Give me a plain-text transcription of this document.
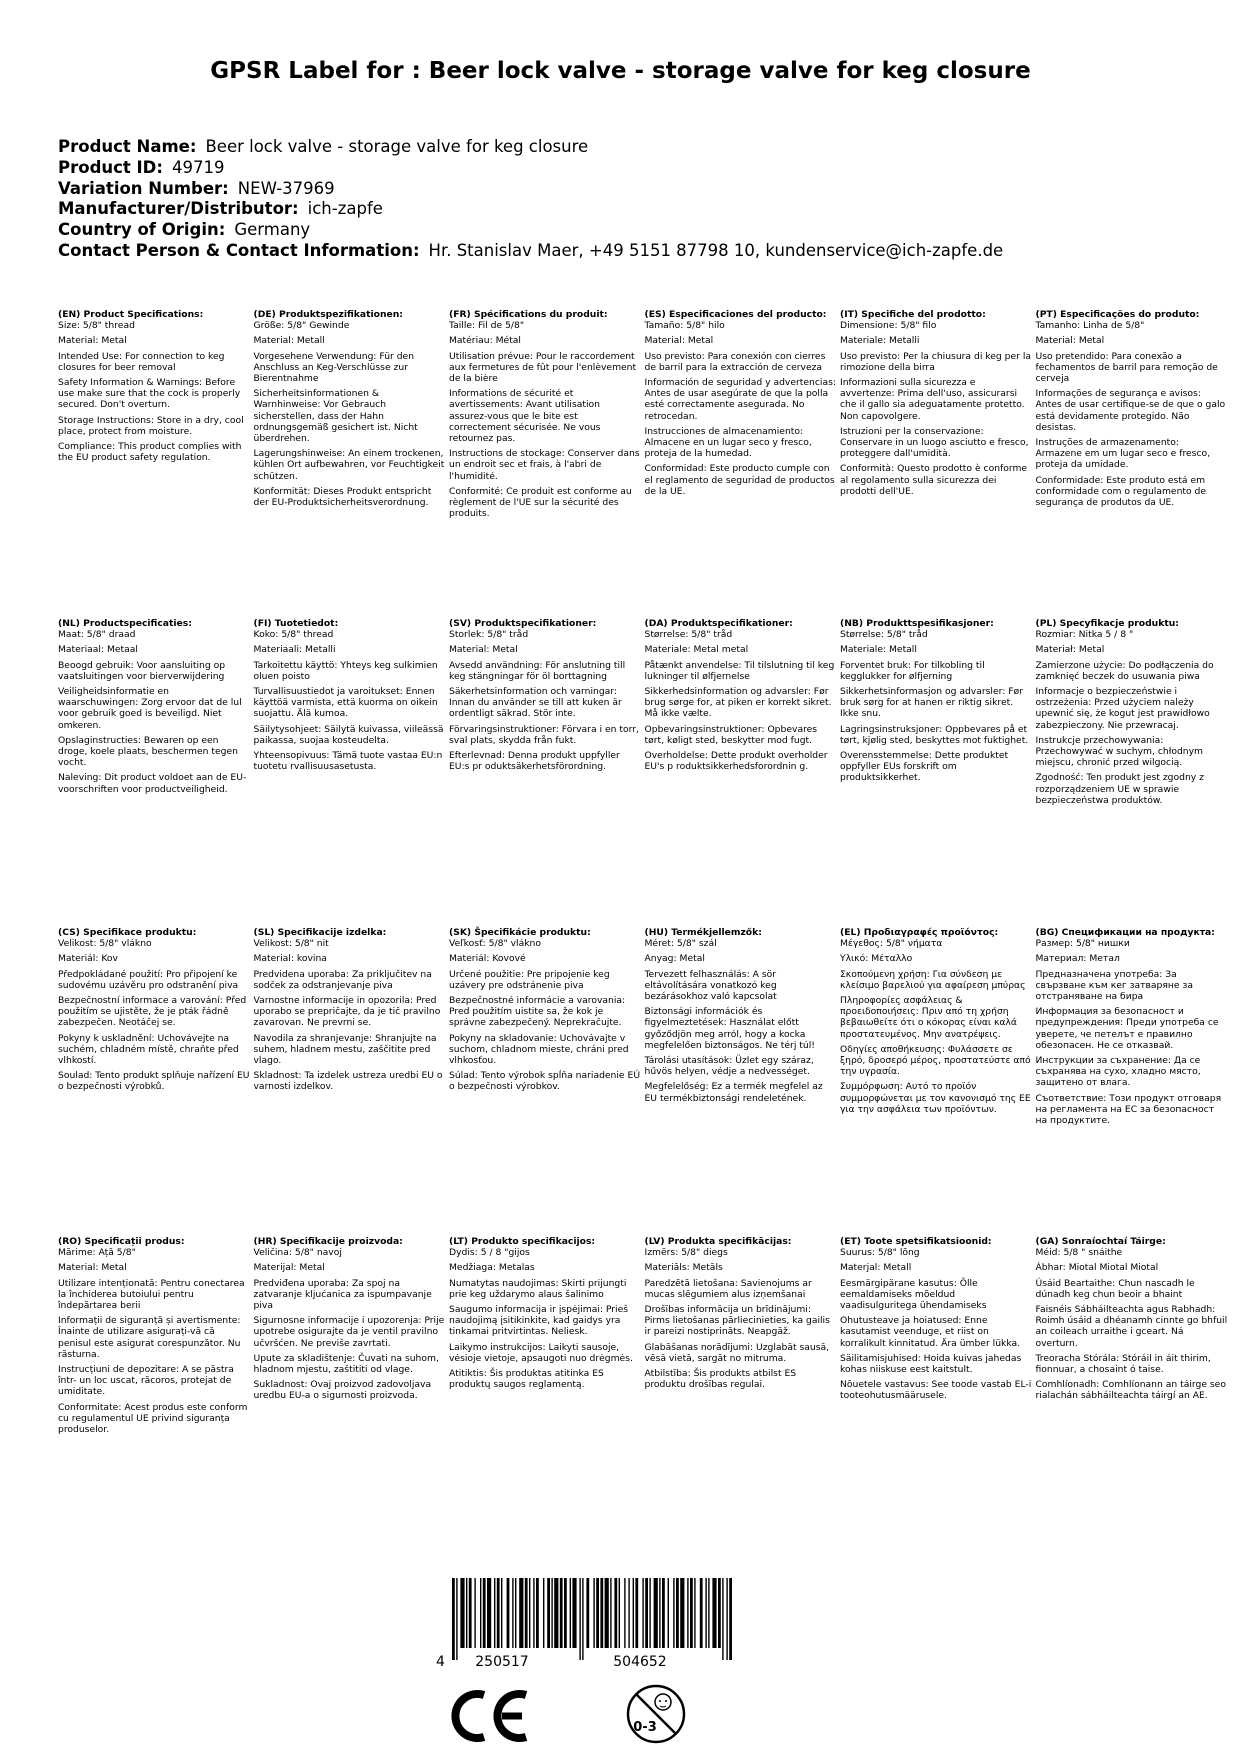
GPSR Label for : Beer lock valve - storage valve for keg closure
Product Name: Beer lock valve - storage valve for keg closure
Product ID: 49719
Variation Number: NEW-37969
Manufacturer/Distributor: ich-zapfe
Country of Origin: Germany
Contact Person & Contact Information: Hr. Stanislav Maer, +49 5151 87798 10, kundenservice@ich-zapfe.de
(EN) Product Specifications:
Size: 5/8" thread
Material: Metal
Intended Use: For connection to keg closures for beer removal
Safety Information & Warnings: Before use make sure that the cock is properly secured. Don't overturn.
Storage Instructions: Store in a dry, cool place, protect from moisture.
Compliance: This product complies with the EU product safety regulation.
(DE) Produktspezifikationen:
Größe: 5/8" Gewinde
Material: Metall
Vorgesehene Verwendung: Für den Anschluss an Keg-Verschlüsse zur Bierentnahme
Sicherheitsinformationen & Warnhinweise: Vor Gebrauch sicherstellen, dass der Hahn ordnungsgemäß gesichert ist. Nicht überdrehen.
Lagerungshinweise: An einem trockenen, kühlen Ort aufbewahren, vor Feuchtigkeit schützen.
Konformität: Dieses Produkt entspricht der EU-Produktsicherheitsverordnung.
(FR) Spécifications du produit:
Taille: Fil de 5/8"
Matériau: Métal
Utilisation prévue: Pour le raccordement aux fermetures de fût pour l'enlèvement de la bière
Informations de sécurité et avertissements: Avant utilisation assurez-vous que le bite est correctement sécurisée. Ne vous retournez pas.
Instructions de stockage: Conserver dans un endroit sec et frais, à l'abri de l'humidité.
Conformité: Ce produit est conforme au règlement de l'UE sur la sécurité des produits.
(ES) Especificaciones del producto:
Tamaño: 5/8" hilo
Material: Metal
Uso previsto: Para conexión con cierres de barril para la extracción de cerveza
Información de seguridad y advertencias: Antes de usar asegúrate de que la polla esté correctamente asegurada. No retrocedan.
Instrucciones de almacenamiento: Almacene en un lugar seco y fresco, proteja de la humedad.
Conformidad: Este producto cumple con el reglamento de seguridad de productos de la UE.
(IT) Specifiche del prodotto:
Dimensione: 5/8" filo
Materiale: Metalli
Uso previsto: Per la chiusura di keg per la rimozione della birra
Informazioni sulla sicurezza e avvertenze: Prima dell'uso, assicurarsi che il gallo sia adeguatamente protetto. Non capovolgere.
Istruzioni per la conservazione: Conservare in un luogo asciutto e fresco, proteggere dall'umidità.
Conformità: Questo prodotto è conforme al regolamento sulla sicurezza dei prodotti dell'UE.
(PT) Especificações do produto:
Tamanho: Linha de 5/8"
Material: Metal
Uso pretendido: Para conexão a fechamentos de barril para remoção de cerveja
Informações de segurança e avisos: Antes de usar certifique-se de que o galo está devidamente protegido. Não desistas.
Instruções de armazenamento: Armazene em um lugar seco e fresco, proteja da umidade.
Conformidade: Este produto está em conformidade com o regulamento de segurança de produtos da UE.
(NL) Productspecificaties:
Maat: 5/8" draad
Materiaal: Metaal
Beoogd gebruik: Voor aansluiting op vaatsluitingen voor bierverwijdering
Veiligheidsinformatie en waarschuwingen: Zorg ervoor dat de lul voor gebruik goed is beveiligd. Niet omkeren.
Opslaginstructies: Bewaren op een droge, koele plaats, beschermen tegen vocht.
Naleving: Dit product voldoet aan de EU-voorschriften voor productveiligheid.
(FI) Tuotetiedot:
Koko: 5/8" thread
Materiaali: Metalli
Tarkoitettu käyttö: Yhteys keg sulkimien oluen poisto
Turvallisuustiedot ja varoitukset: Ennen käyttöä varmista, että kuorma on oikein suojattu. Älä kumoa.
Säilytysohjeet: Säilytä kuivassa, viileässä paikassa, suojaa kosteudelta.
Yhteensopivuus: Tämä tuote vastaa EU:n tuotetu rvallisuusasetusta.
(SV) Produktspecifikationer:
Storlek: 5/8" tråd
Material: Metal
Avsedd användning: För anslutning till keg stängningar för öl borttagning
Säkerhetsinformation och varningar: Innan du använder se till att kuken är ordentligt säkrad. Stör inte.
Förvaringsinstruktioner: Förvara i en torr, sval plats, skydda från fukt.
Efterlevnad: Denna produkt uppfyller EU:s pr oduktsäkerhetsförordning.
(DA) Produktspecifikationer:
Størrelse: 5/8" tråd
Materiale: Metal metal
Påtænkt anvendelse: Til tilslutning til keg lukninger til ølfjernelse
Sikkerhedsinformation og advarsler: Før brug sørge for, at piken er korrekt sikret. Må ikke vælte.
Opbevaringsinstruktioner: Opbevares tørt, køligt sted, beskytter mod fugt.
Overholdelse: Dette produkt overholder EU's p roduktsikkerhedsforordnin g.
(NB) Produkttspesifikasjoner:
Størrelse: 5/8" tråd
Materiale: Metall
Forventet bruk: For tilkobling til kegglukker for ølfjerning
Sikkerhetsinformasjon og advarsler: Før bruk sørg for at hanen er riktig sikret. Ikke snu.
Lagringsinstruksjoner: Oppbevares på et tørt, kjølig sted, beskyttes mot fuktighet.
Overensstemmelse: Dette produktet oppfyller EUs forskrift om produktsikkerhet.
(PL) Specyfikacje produktu:
Rozmiar: Nitka 5 / 8 "
Materiał: Metal
Zamierzone użycie: Do podłączenia do zamknięć beczek do usuwania piwa
Informacje o bezpieczeństwie i ostrzeżenia: Przed użyciem należy upewnić się, że kogut jest prawidłowo zabezpieczony. Nie przewracaj.
Instrukcje przechowywania: Przechowywać w suchym, chłodnym miejscu, chronić przed wilgocią.
Zgodność: Ten produkt jest zgodny z rozporządzeniem UE w sprawie bezpieczeństwa produktów.
(CS) Specifikace produktu:
Velikost: 5/8" vlákno
Materiál: Kov
Předpokládané použití: Pro připojení ke sudovému uzávěru pro odstranění piva
Bezpečnostní informace a varování: Před použitím se ujistěte, že je pták řádně zabezpečen. Neotáčej se.
Pokyny k uskladnění: Uchovávejte na suchém, chladném místě, chraňte před vlhkostí.
Soulad: Tento produkt splňuje nařízení EU o bezpečnosti výrobků.
(SL) Specifikacije izdelka:
Velikost: 5/8" nit
Material: kovina
Predvidena uporaba: Za priključitev na sodček za odstranjevanje piva
Varnostne informacije in opozorila: Pred uporabo se prepričajte, da je tič pravilno zavarovan. Ne prevrni se.
Navodila za shranjevanje: Shranjujte na suhem, hladnem mestu, zaščitite pred vlago.
Skladnost: Ta izdelek ustreza uredbi EU o varnosti izdelkov.
(SK) Špecifikácie produktu:
Veľkosť: 5/8" vlákno
Materiál: Kovové
Určené použitie: Pre pripojenie keg uzávery pre odstránenie piva
Bezpečnostné informácie a varovania: Pred použitím uistite sa, že kok je správne zabezpečený. Neprekračujte.
Pokyny na skladovanie: Uchovávajte v suchom, chladnom mieste, chráni pred vlhkosťou.
Súlad: Tento výrobok spĺňa nariadenie EÚ o bezpečnosti výrobkov.
(HU) Termékjellemzők:
Méret: 5/8" szál
Anyag: Metal
Tervezett felhasználás: A sör eltávolítására vonatkozó keg bezárásokhoz való kapcsolat
Biztonsági információk és figyelmeztetések: Használat előtt győződjön meg arról, hogy a kocka megfelelően biztonságos. Ne térj túl!
Tárolási utasítások: Üzlet egy száraz, hűvös helyen, védje a nedvességet.
Megfelelőség: Ez a termék megfelel az EU termékbiztonsági rendeletének.
(EL) Προδιαγραφές προϊόντος:
Μέγεθος: 5/8" νήματα
Υλικό: Μέταλλο
Σκοπούμενη χρήση: Για σύνδεση με κλείσιμο βαρελιού για αφαίρεση μπύρας
Πληροφορίες ασφάλειας & προειδοποιήσεις: Πριν από τη χρήση βεβαιωθείτε ότι ο κόκορας είναι καλά προστατευμένος. Μην ανατρέψεις.
Οδηγίες αποθήκευσης: Φυλάσσετε σε ξηρό, δροσερό μέρος, προστατεύστε από την υγρασία.
Συμμόρφωση: Αυτό το προϊόν συμμορφώνεται με τον κανονισμό της ΕΕ για την ασφάλεια των προϊόντων.
(BG) Спецификации на продукта:
Размер: 5/8" нишки
Материал: Метал
Предназначена употреба: За свързване към кег затваряне за отстраняване на бира
Информация за безопасност и предупреждения: Преди употреба се уверете, че петелът е правилно обезопасен. Не се отказвай.
Инструкции за съхранение: Да се съхранява на сухо, хладно място, защитено от влага.
Съответствие: Този продукт отговаря на регламента на ЕС за безопасност на продуктите.
(RO) Specificații produs:
Mărime: Ață 5/8"
Material: Metal
Utilizare intenționată: Pentru conectarea la închiderea butoiului pentru îndepărtarea berii
Informații de siguranță și avertismente: Înainte de utilizare asigurați-vă că penisul este asigurat corespunzător. Nu răsturna.
Instrucțiuni de depozitare: A se păstra într- un loc uscat, răcoros, protejat de umiditate.
Conformitate: Acest produs este conform cu regulamentul UE privind siguranța produselor.
(HR) Specifikacije proizvoda:
Veličina: 5/8" navoj
Materijal: Metal
Predviđena uporaba: Za spoj na zatvaranje kljućanica za ispumpavanje piva
Sigurnosne informacije i upozorenja: Prije upotrebe osigurajte da je ventil pravilno učvršćen. Ne previše zavrtati.
Upute za skladištenje: Čuvati na suhom, hladnom mjestu, zaštititi od vlage.
Sukladnost: Ovaj proizvod zadovoljava uredbu EU-a o sigurnosti proizvoda.
(LT) Produkto specifikacijos:
Dydis: 5 / 8 "gijos
Medžiaga: Metalas
Numatytas naudojimas: Skirti prijungti prie keg uždarymo alaus šalinimo
Saugumo informacija ir įspėjimai: Prieš naudojimą įsitikinkite, kad gaidys yra tinkamai pritvirtintas. Neliesk.
Laikymo instrukcijos: Laikyti sausoje, vėsioje vietoje, apsaugoti nuo drėgmės.
Atitiktis: Šis produktas atitinka ES produktų saugos reglamentą.
(LV) Produkta specifikācijas:
Izmērs: 5/8" diegs
Materiāls: Metāls
Paredzētā lietošana: Savienojums ar mucas slēgumiem alus izņemšanai
Drošības informācija un brīdinājumi: Pirms lietošanas pārliecinieties, ka gailis ir pareizi nostiprināts. Neapgāž.
Glabāšanas norādījumi: Uzglabāt sausā, vēsā vietā, sargāt no mitruma.
Atbilstība: Šis produkts atbilst ES produktu drošības regulai.
(ET) Toote spetsifikatsioonid:
Suurus: 5/8" lõng
Materjal: Metall
Eesmärgipärane kasutus: Õlle eemaldamiseks mõeldud vaadisulguritega ühendamiseks
Ohutusteave ja hoiatused: Enne kasutamist veenduge, et riist on korralikult kinnitatud. Ära ümber lükka.
Säilitamisjuhised: Hoida kuivas jahedas kohas niiskuse eest kaitstult.
Nõuetele vastavus: See toode vastab EL-i tooteohutusmäärusele.
(GA) Sonraíochtaí Táirge:
Méid: 5/8 " snáithe
Ábhar: Miotal Miotal Miotal
Úsáid Beartaithe: Chun nascadh le dúnadh keg chun beoir a bhaint
Faisnéis Sábháilteachta agus Rabhadh: Roimh úsáid a dhéanamh cinnte go bhfuil an coileach urraithe i gceart. Ná overturn.
Treoracha Stórála: Stóráil in áit thirim, fionnuar, a chosaint ó taise.
Comhlíonadh: Comhlíonann an táirge seo rialachán sábháilteachta táirgí an AE.
4 250517	504652
0-3
